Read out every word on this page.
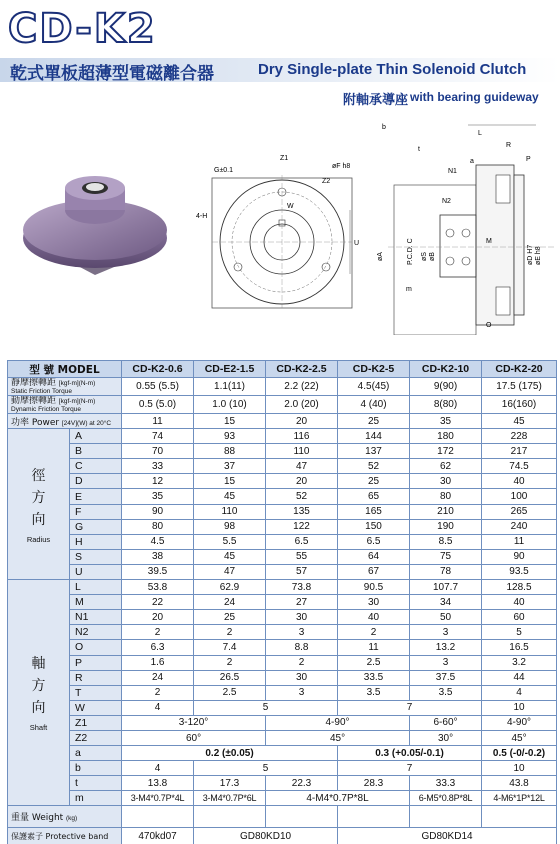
CD-K2
乾式單板超薄型電磁離合器	Dry Single-plate Thin Solenoid Clutch
附軸承導座 with bearing guideway
G±0.1
Z1
Z2
øF h8
W
4-H
U
b
t
L
R
P
a
N1
N2
P.C.D. C
øA	øS øB
M
øD H7 øE h8
m
O
型 號 MODEL		CD-K2-0.6	CD-E2-1.5	CD-K2-2.5	CD-K2-5	CD-K2-10	CD-K2-20

靜摩擦轉距 [kgf-m](N-m)
Static Friction Torque		0.55 (5.5)	1.1(11)	2.2 (22)	4.5(45)	9(90)	17.5 (175)

動摩擦轉距 [kgf-m](N-m)
Dynamic Friction Torque		0.5 (5.0)	1.0 (10)	2.0 (20)	4 (40)	8(80)	16(160)
功率 Power [24V](W) at 20°C		11	15	20	25	35	45

徑
方
向
Radius	A	74	93	116	144	180	228
	B	70	88	110	137	172	217
	C	33	37	47	52	62	74.5
	D	12	15	20	25	30	40
	E	35	45	52	65	80	100
	F	90	110	135	165	210	265
	G	80	98	122	150	190	240
	H	4.5	5.5	6.5	6.5	8.5	11
	S	38	45	55	64	75	90
	U	39.5	47	57	67	78	93.5

軸
方
向
Shaft	L	53.8	62.9	73.8	90.5	107.7	128.5
	M	22	24	27	30	34	40
	N1	20	25	30	40	50	60
	N2	2	2	3	2	3	5
	O	6.3	7.4	8.8	11	13.2	16.5
	P	1.6	2	2	2.5	3	3.2
	R	24	26.5	30	33.5	37.5	44
	T	2	2.5	3	3.5	3.5	4
	W	4	5		7		10
	Z1	3-120°		4-90°		6-60°	4-90°
	Z2	60°		45°		30°	45°
	a	0.2 (±0.05)			0.3 (+0.05/-0.1)		0.5 (-0/-0.2)
	b	4	5		7		10
	t	13.8	17.3	22.3	28.3	33.3	43.8
	m	3-M4*0.7P*4L	3-M4*0.7P*6L	4-M4*0.7P*8L		6-M5*0.8P*8L	4-M6*1P*12L
重量 Weight (kg)							
保護素子 Protective band		470kd07	GD80KD10		GD80KD14		
